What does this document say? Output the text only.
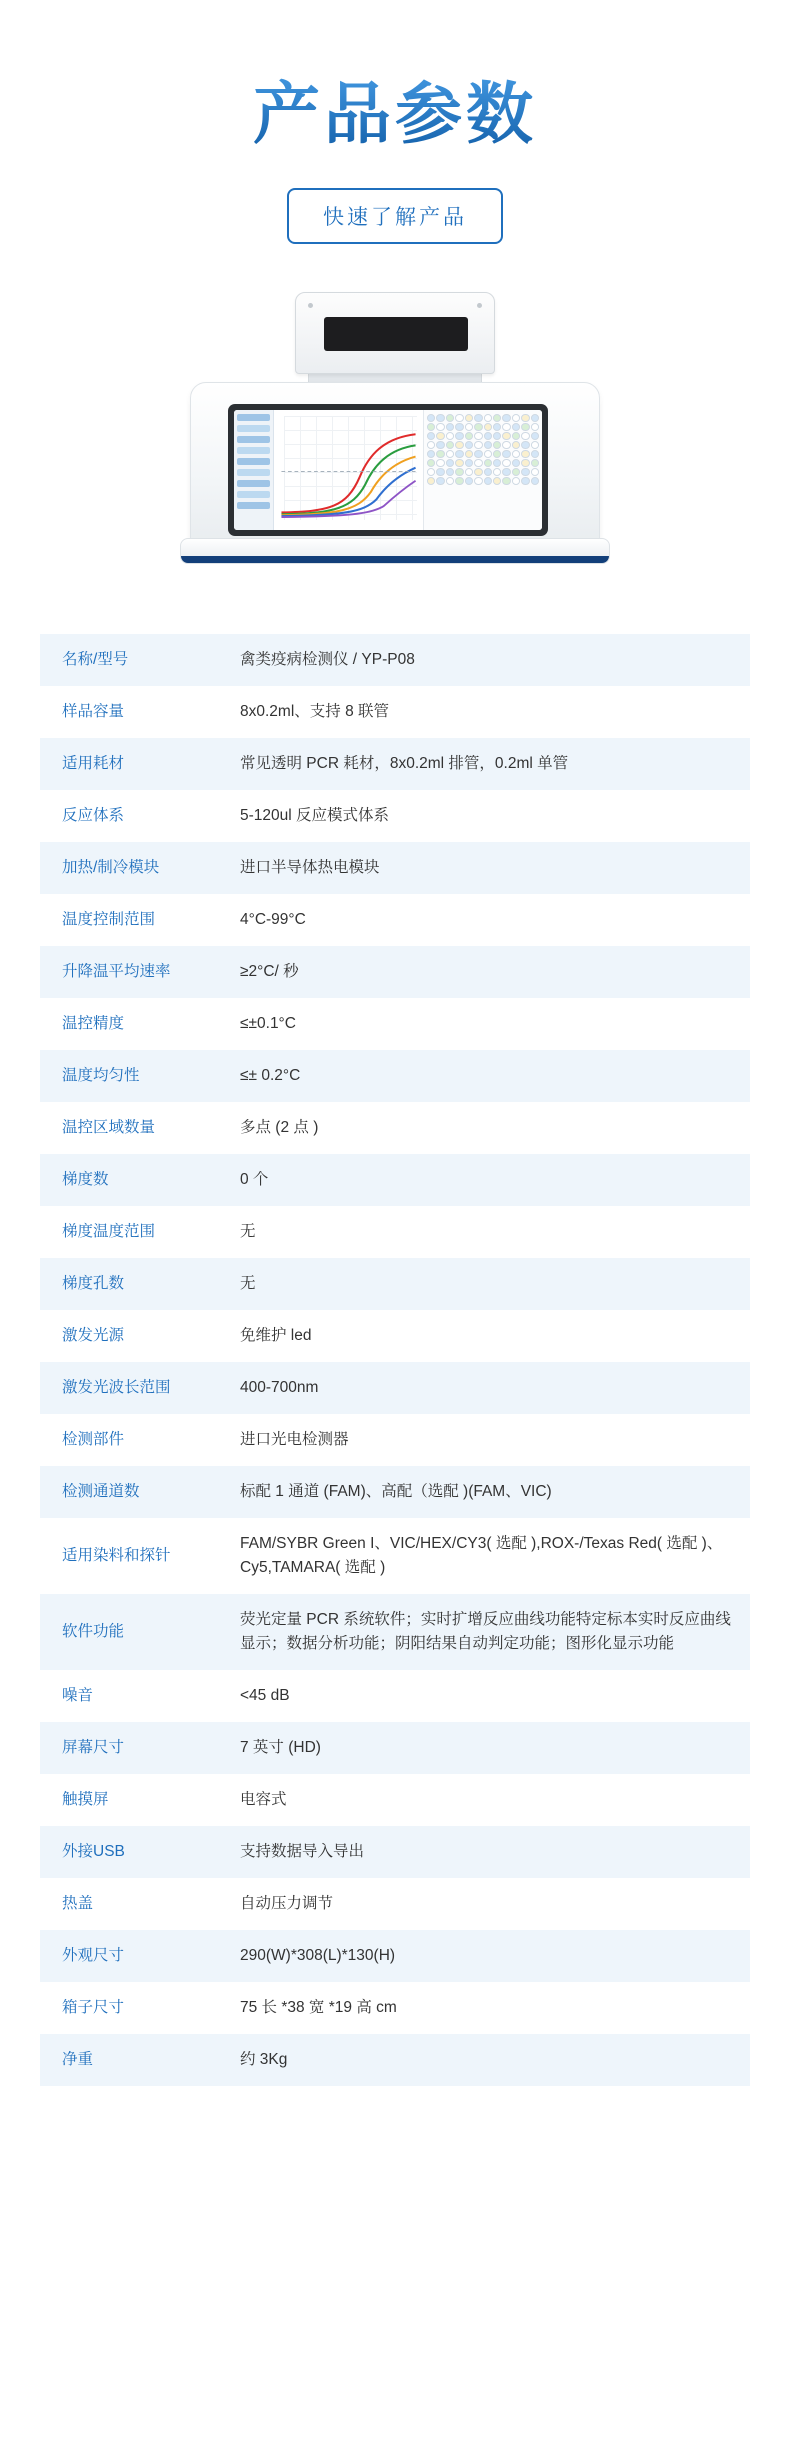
产品参数
快速了解产品
名称/型号	禽类疫病检测仪 / YP-P08
样品容量	8x0.2ml、支持 8 联管
适用耗材	常见透明 PCR 耗材，8x0.2ml 排管，0.2ml 单管
反应体系	5-120ul 反应模式体系
加热/制冷模块	进口半导体热电模块
温度控制范围	4°C-99°C
升降温平均速率	≥2°C/ 秒
温控精度	≤±0.1°C
温度均匀性	≤± 0.2°C
温控区域数量	多点 (2 点 )
梯度数	0 个
梯度温度范围	无
梯度孔数	无
激发光源	免维护 led
激发光波长范围	400-700nm
检测部件	进口光电检测器
检测通道数	标配 1 通道 (FAM)、高配（选配 )(FAM、VIC)
适用染料和探针	FAM/SYBR Green I、VIC/HEX/CY3( 选配 ),ROX-/Texas Red( 选配 )、Cy5,TAMARA( 选配 )
软件功能	荧光定量 PCR 系统软件；实时扩增反应曲线功能特定标本实时反应曲线显示；数据分析功能；阴阳结果自动判定功能；图形化显示功能
噪音	<45 dB
屏幕尺寸	7 英寸 (HD)
触摸屏	电容式
外接USB	支持数据导入导出
热盖	自动压力调节
外观尺寸	290(W)*308(L)*130(H)
箱子尺寸	75 长 *38 宽 *19 高 cm
净重	约 3Kg
